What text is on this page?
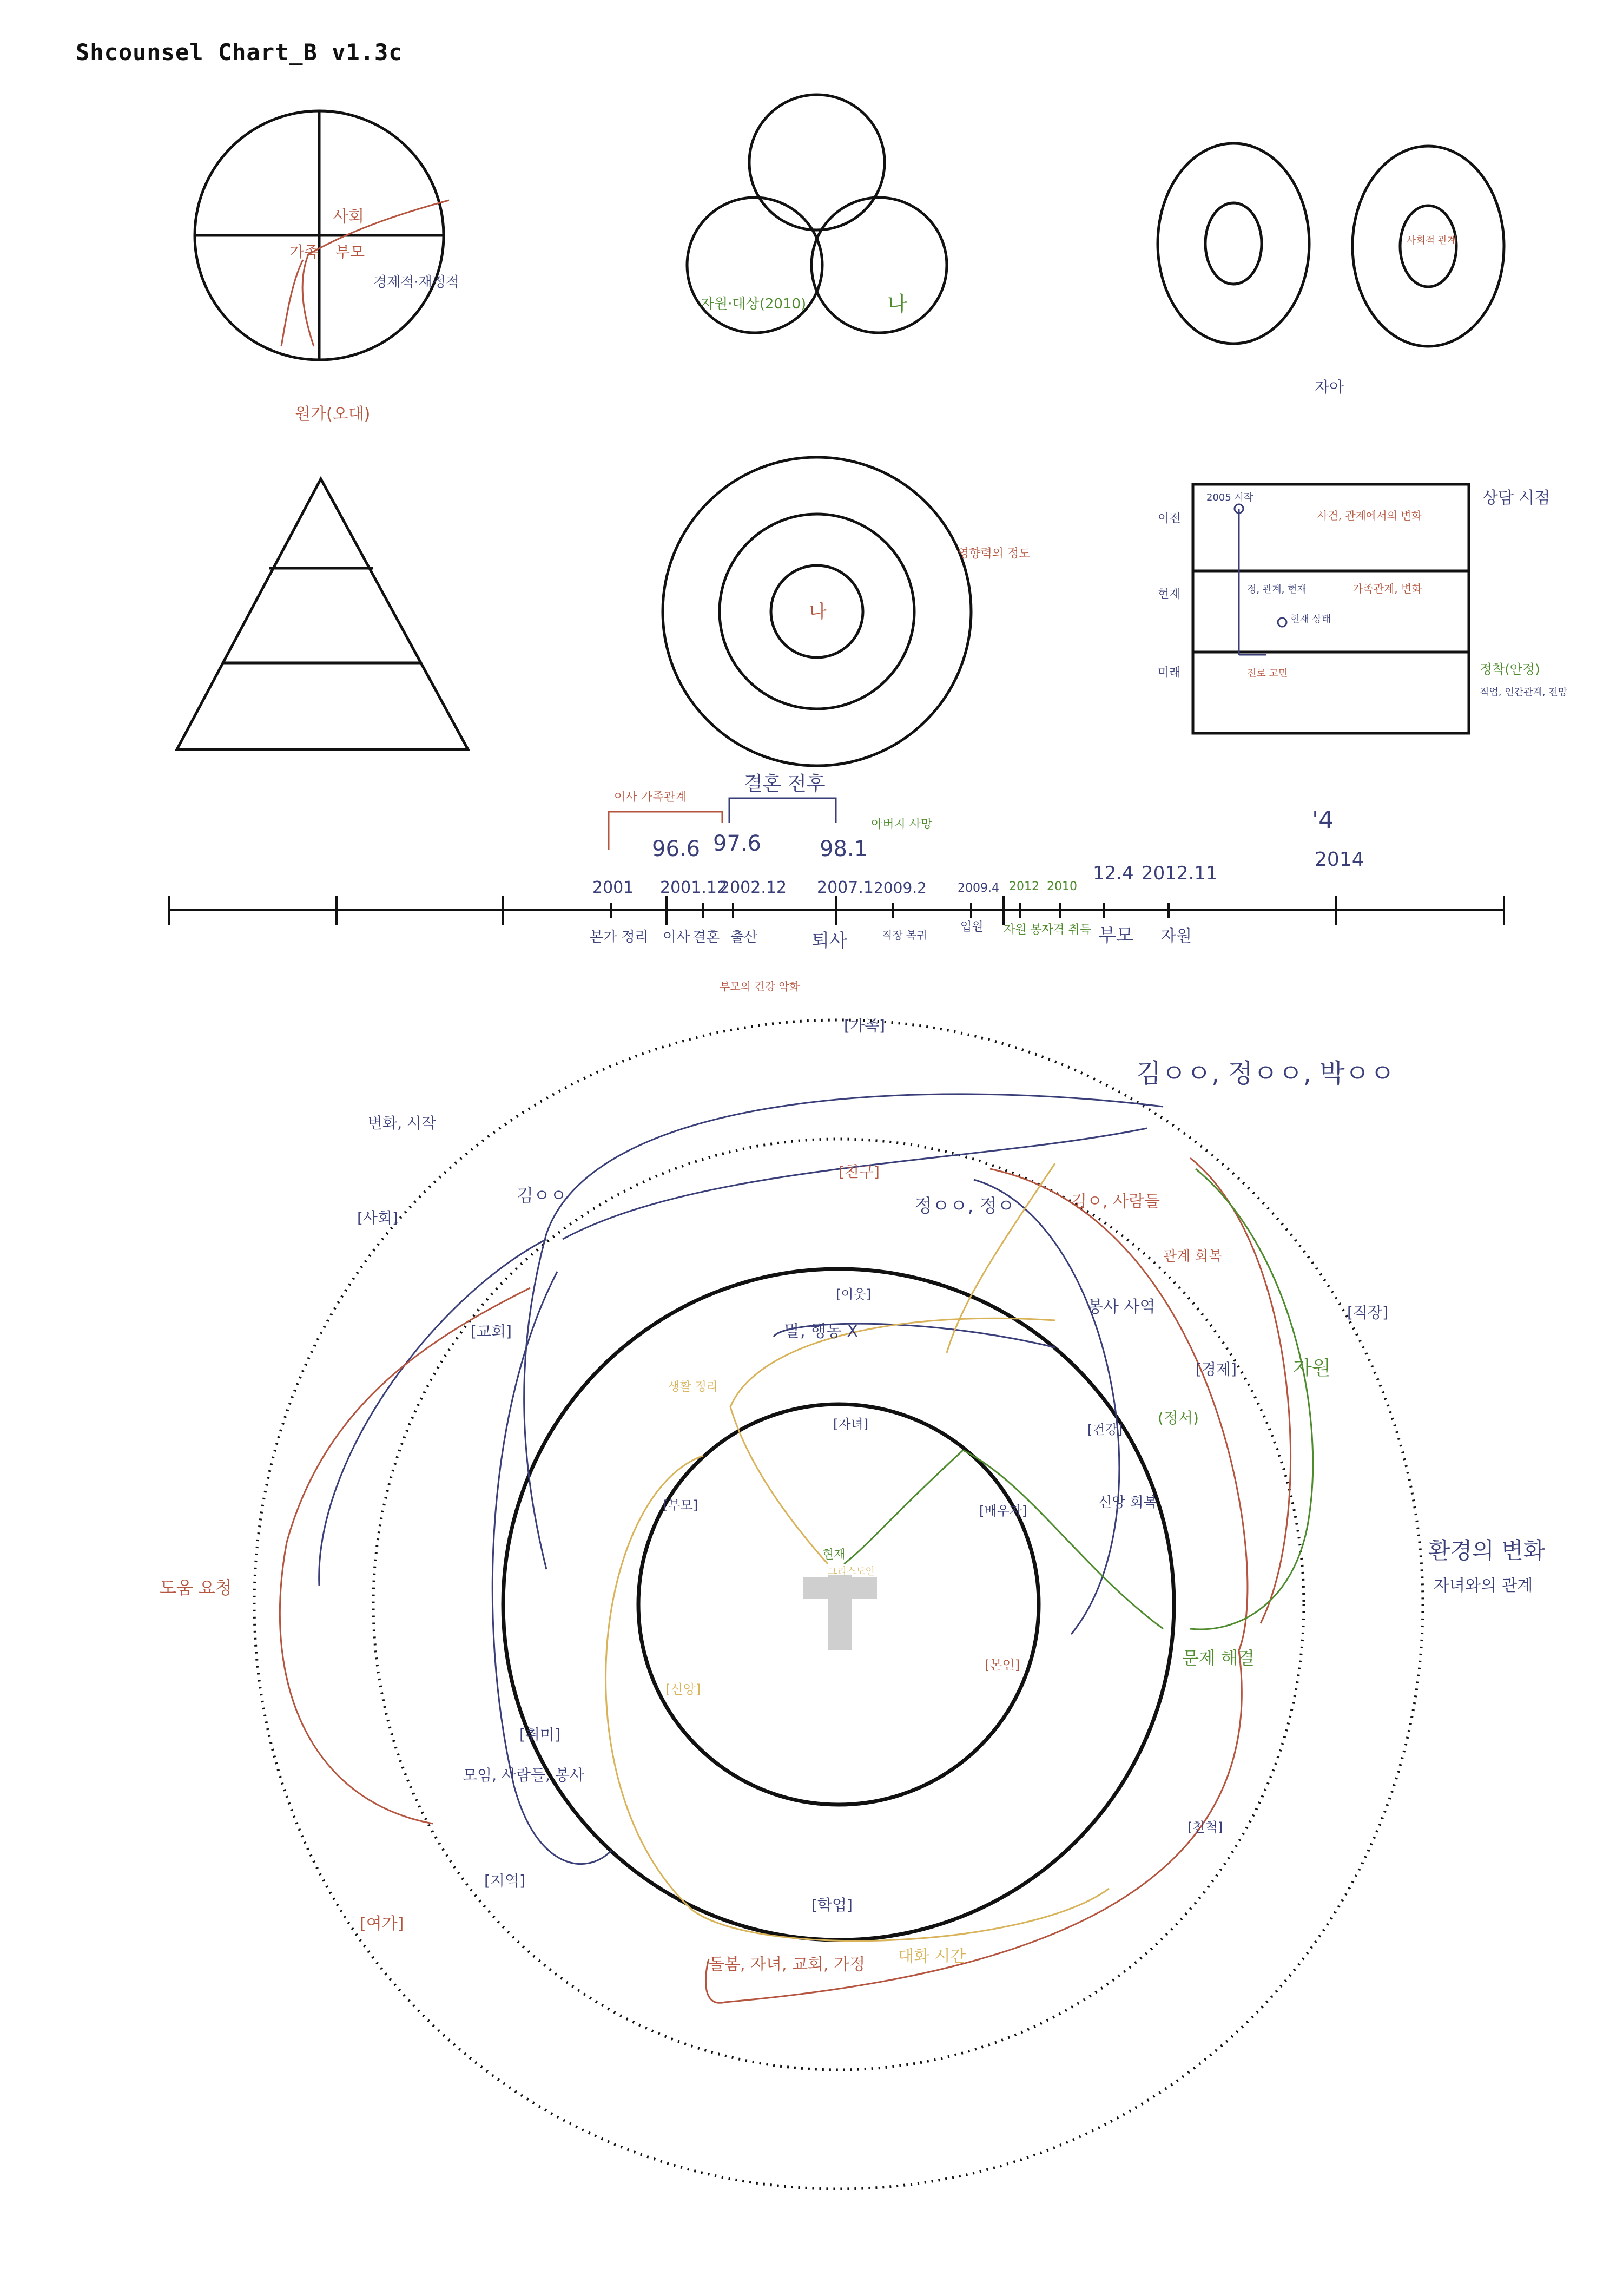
Shcounsel Chart_B v1.3c
사회
가족 부모
경제적·재정적
원가(오대)
자원·대상(2010)	나
사회적 관계
자아
나
영향력의 정도
상담 시점
이전
현재
미래
2005 시작
사건, 관계에서의 변화
정, 관계, 현재	가족관계, 변화
현재 상태
진로 고민	정착(안정)
직업, 인간관계, 전망
결혼 전후
이사 가족관계
아버지 사망
96.6 97.6	98.1
'4
2014
2001 2001.12
2002.12 2007.1 2009.2	2009.4 2012 2010
12.4 2012.11
본가 정리 이사 결혼 출산	퇴사	직장 복귀
입원 자원 봉사
자격 취득 부모 자원
부모의 건강 악화
[가족]
[사회]
[직장]
[친구]
[교회]
[경제]
[이웃]
[건강]
[자녀]
[부모]	[배우자]
[본인]
[신앙]
[취미]
[친척]
[지역]
[학업]
[여가]
김ㅇㅇ, 정ㅇㅇ, 박ㅇㅇ
변화, 시작
김ㅇㅇ	정ㅇㅇ, 정ㅇ	김ㅇ, 사람들
관계 회복
봉사 사역
자원
(정서)
말, 행동 X
생활 정리
신앙 회복
문제 해결
환경의 변화
자녀와의 관계
도움 요청
모임, 사람들, 봉사
돌봄, 자녀, 교회, 가정 대화 시간
현재
그리스도인
